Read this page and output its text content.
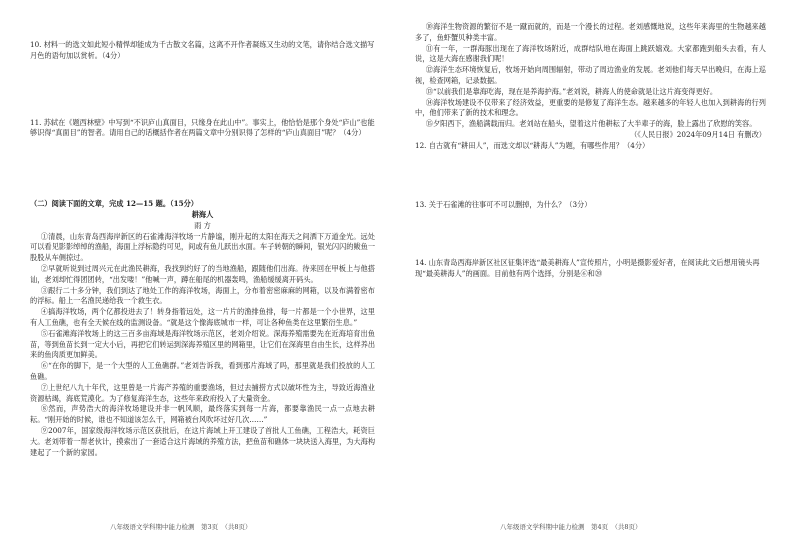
10. 材料一的选文如此短小精悍却能成为千古散文名篇，这离不开作者凝练又生动的文笔，请你结合选文描写月色的语句加以赏析。（4分）

11. 苏轼在《题西林壁》中写到“不识庐山真面目，只缘身在此山中”。事实上，他恰恰是那个身处“庐山”也能够识得“真面目”的智者。请用自己的话概括作者在两篇文章中分别识得了怎样的“庐山真面目”呢？（4分）

（二）阅读下面的文章，完成 12—15 题。（15分）

耕海人

雨 方

①清晨，山东青岛西海岸新区的石雀滩海洋牧场一片静谧，刚升起的太阳在海天之间洒下万道金光。远处可以看见影影绰绰的渔船，海面上浮标隐约可见，间或有鱼儿跃出水面。车子转朝的瞬间，银光闪闪的鲅鱼一股股从车侧掠过。

②早就听说到过周兴元在此渔民耕海，我找到约好了的当地渔船，跟随他们出海。待来回在甲板上与他搭讪，老刘却忙得团团转，“出发喽！”他喊一声，蹲在船尾的机器轰鸣，渔船缓缓离开码头。

③跟行二十多分钟，我们到达了地处工作的海洋牧场，海面上，分布着密密麻麻的网箱，以及布满着密布的浮标。船上一名渔民递给我一个救生衣。

④搞海洋牧场，两个亿都投进去了！转身指着远处，这一片片的渔排鱼排，每一片都是一个小世界，这里有人工鱼礁，也有全天候在线的监测设备。“就是这个像海底城市一样，可让各种鱼类在这里繁衍生息。”

⑤石雀滩海洋牧场上的这三百多亩海域是海洋牧场示范区，老刘介绍说。深海养殖需要先在近海培育出鱼苗，等到鱼苗长到一定大小后，再把它们转运到深海养殖区里的网箱里，让它们在深海里自由生长，这样养出来的鱼肉质更加鲜美。

⑥“在你的脚下，是一个大型的人工鱼礁群。”老刘告诉我，看到那片海域了吗，那里就是我们投放的人工鱼礁。

⑦上世纪八九十年代，这里曾是一片海产养殖的重要渔场，但过去捕捞方式以破坏性为主，导致近海渔业资源枯竭，海底荒漠化。为了修复海洋生态，这些年来政府投入了大量资金。

⑧然而，声势浩大的海洋牧场建设并非一帆风顺，最终落实到每一片海，都要靠渔民一点一点地去耕耘。“刚开始的时候，谁也不知道该怎么干，网箱被台风吹坏过好几次……”

⑨2007年，国家级海洋牧场示范区获批后，在这片海域上开工建设了首批人工鱼礁，工程浩大，耗资巨大。老刘带着一帮老伙计，摸索出了一套适合这片海域的养殖方法，把鱼苗和礁体一块块送入海里，为大海构建起了一个新的家园。

八年级语文学科期中能力检测　第3页　（共8页）

⑩海洋生物资源的繁衍不是一蹴而就的，而是一个漫长的过程。老刘感慨地说，这些年来海里的生物越来越多了，鱼虾蟹贝种类丰富。

⑪有一年，一群海豚出现在了海洋牧场附近，成群结队地在海面上跳跃嬉戏。大家都跑到船头去看，有人说，这是大海在感谢我们呢！

⑫海洋生态环境恢复后，牧场开始向周围辐射，带动了周边渔业的发展。老刘他们每天早出晚归，在海上巡视，检查网箱，记录数据。

⑬“以前我们是靠海吃海，现在是养海护海。”老刘说，耕海人的使命就是让这片海变得更好。

⑭海洋牧场建设不仅带来了经济效益，更重要的是修复了海洋生态。越来越多的年轻人也加入到耕海的行列中，他们带来了新的技术和理念。

⑮夕阳西下，渔船满载而归。老刘站在船头，望着这片他耕耘了大半辈子的海，脸上露出了欣慰的笑容。

（《人民日报》2024年09月14日 有删改）

12. 自古就有“耕田人”，而选文却以“耕海人”为题，有哪些作用？（4分）

13. 关于石雀滩的往事可不可以删掉，为什么？（3分）

14. 山东青岛西海岸新区社区征集评选“最美耕海人”宣传照片，小明是摄影爱好者，在阅读此文后想用镜头再现“最美耕海人”的画面。目前他有两个选择，分别是⑥和⑳

八年级语文学科期中能力检测　第4页　（共8页）
